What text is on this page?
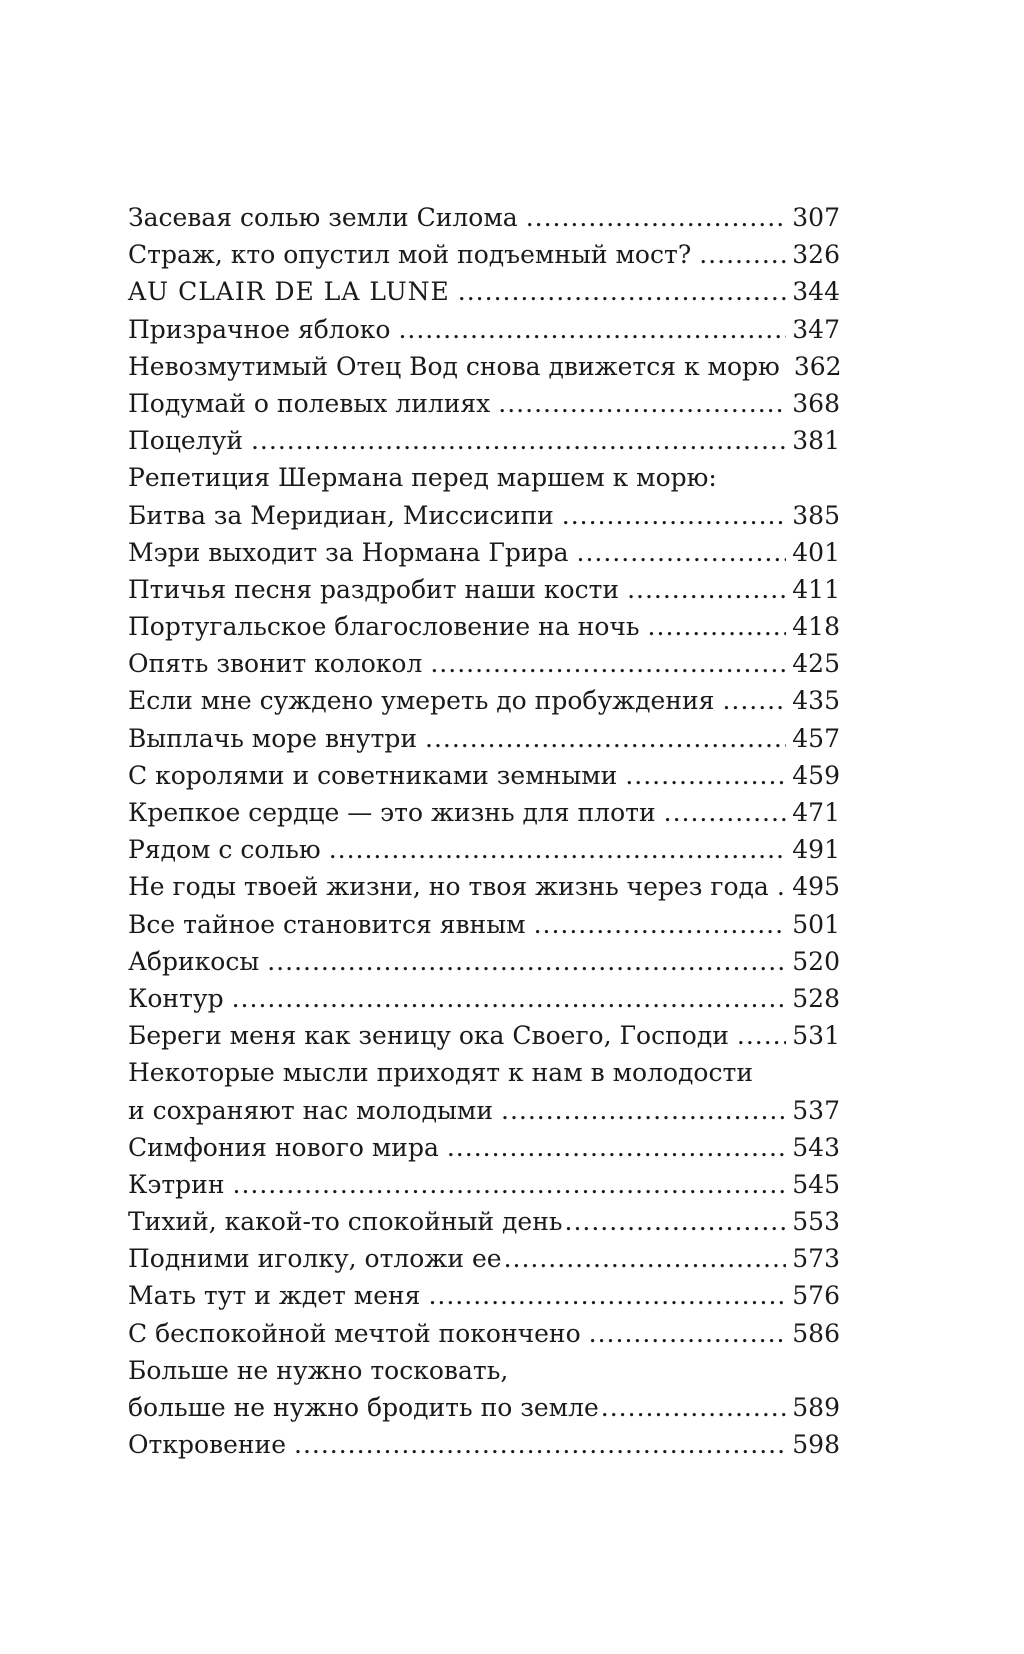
Засевая солью земли Силома .....	307
Страж, кто опустил мой подъемный мост? .....	326
AU CLAIR DE LA LUNE .....	344
Призрачное яблоко .....	347
Невозмутимый Отец Вод снова движется к морю 362
Подумай о полевых лилиях .....	368
Поцелуй .....	381
Репетиция Шермана перед маршем к морю:
Битва за Меридиан, Миссисипи .....	385
Мэри выходит за Нормана Грира .....	401
Птичья песня раздробит наши кости .....	411
Португальское благословение на ночь .....	418
Опять звонит колокол .....	425
Если мне суждено умереть до пробуждения .....	435
Выплачь море внутри .....	457
С королями и советниками земными .....	459
Крепкое сердце — это жизнь для плоти .....	471
Рядом с солью .....	491
Не годы твоей жизни, но твоя жизнь через года ..... 495
Все тайное становится явным .....	501
Абрикосы .....	520
Контур .....	528
Береги меня как зеницу ока Своего, Господи .....	531
Некоторые мысли приходят к нам в молодости
и сохраняют нас молодыми .....	537
Симфония нового мира .....	543
Кэтрин .....	545
Тихий, какой-то спокойный день .....	553
Подними иголку, отложи ее .....	573
Мать тут и ждет меня .....	576
С беспокойной мечтой покончено .....	586
Больше не нужно тосковать,
больше не нужно бродить по земле .....	589
Откровение .....	598
